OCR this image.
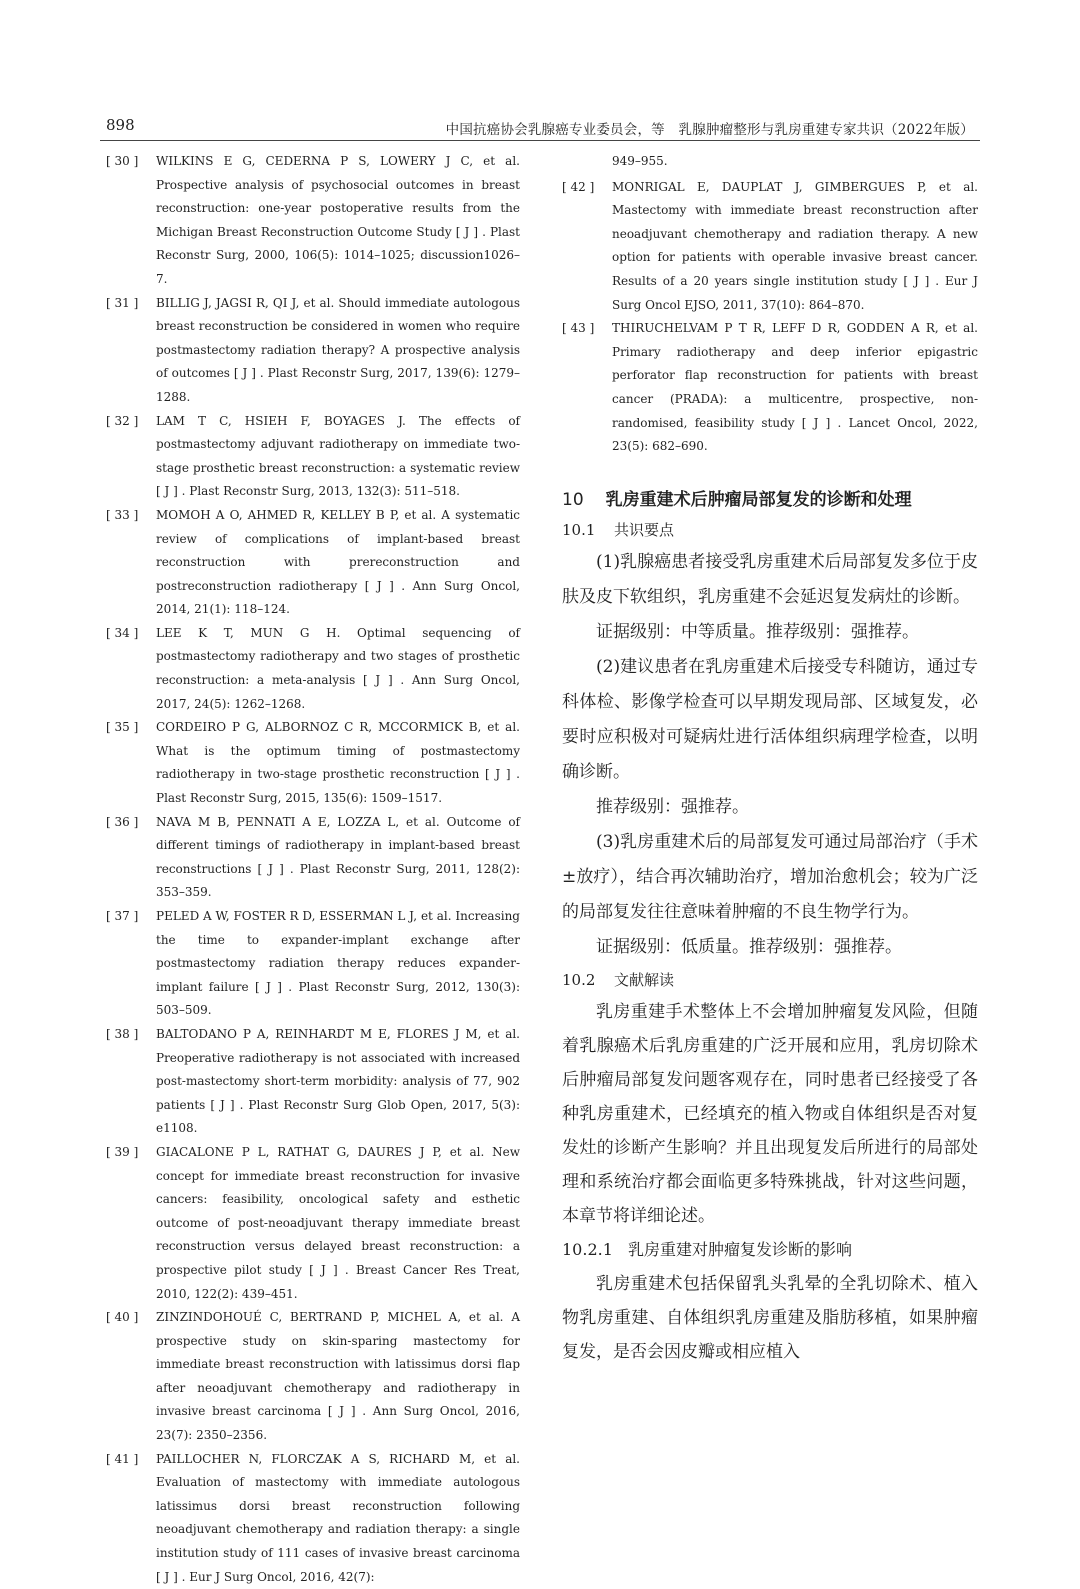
898	中国抗癌协会乳腺癌专业委员会，等　乳腺肿瘤整形与乳房重建专家共识（2022年版）
[ 30 ] WILKINS E G, CEDERNA P S, LOWERY J C, et al. Prospective analysis of psychosocial outcomes in breast reconstruction: one-year postoperative results from the Michigan Breast Reconstruction Outcome Study [ J ] . Plast Reconstr Surg, 2000, 106(5): 1014–1025; discussion1026–7.
[ 31 ] BILLIG J, JAGSI R, QI J, et al. Should immediate autologous breast reconstruction be considered in women who require postmastectomy radiation therapy? A prospective analysis of outcomes [ J ] . Plast Reconstr Surg, 2017, 139(6): 1279–1288.
[ 32 ] LAM T C, HSIEH F, BOYAGES J. The effects of postmastectomy adjuvant radiotherapy on immediate two-stage prosthetic breast reconstruction: a systematic review [ J ] . Plast Reconstr Surg, 2013, 132(3): 511–518.
[ 33 ] MOMOH A O, AHMED R, KELLEY B P, et al. A systematic review of complications of implant-based breast reconstruction with prereconstruction and postreconstruction radiotherapy [ J ] . Ann Surg Oncol, 2014, 21(1): 118–124.
[ 34 ] LEE K T, MUN G H. Optimal sequencing of postmastectomy radiotherapy and two stages of prosthetic reconstruction: a meta-analysis [ J ] . Ann Surg Oncol, 2017, 24(5): 1262–1268.
[ 35 ] CORDEIRO P G, ALBORNOZ C R, MCCORMICK B, et al. What is the optimum timing of postmastectomy radiotherapy in two-stage prosthetic reconstruction [ J ] . Plast Reconstr Surg, 2015, 135(6): 1509–1517.
[ 36 ] NAVA M B, PENNATI A E, LOZZA L, et al. Outcome of different timings of radiotherapy in implant-based breast reconstructions [ J ] . Plast Reconstr Surg, 2011, 128(2): 353–359.
[ 37 ] PELED A W, FOSTER R D, ESSERMAN L J, et al. Increasing the time to expander-implant exchange after postmastectomy radiation therapy reduces expander-implant failure [ J ] . Plast Reconstr Surg, 2012, 130(3): 503–509.
[ 38 ] BALTODANO P A, REINHARDT M E, FLORES J M, et al. Preoperative radiotherapy is not associated with increased post-mastectomy short-term morbidity: analysis of 77, 902 patients [ J ] . Plast Reconstr Surg Glob Open, 2017, 5(3): e1108.
[ 39 ] GIACALONE P L, RATHAT G, DAURES J P, et al. New concept for immediate breast reconstruction for invasive cancers: feasibility, oncological safety and esthetic outcome of post-neoadjuvant therapy immediate breast reconstruction versus delayed breast reconstruction: a prospective pilot study [ J ] . Breast Cancer Res Treat, 2010, 122(2): 439–451.
[ 40 ] ZINZINDOHOUÉ C, BERTRAND P, MICHEL A, et al. A prospective study on skin-sparing mastectomy for immediate breast reconstruction with latissimus dorsi flap after neoadjuvant chemotherapy and radiotherapy in invasive breast carcinoma [ J ] . Ann Surg Oncol, 2016, 23(7): 2350–2356.
[ 41 ] PAILLOCHER N, FLORCZAK A S, RICHARD M, et al. Evaluation of mastectomy with immediate autologous latissimus dorsi breast reconstruction following neoadjuvant chemotherapy and radiation therapy: a single institution study of 111 cases of invasive breast carcinoma [ J ] . Eur J Surg Oncol, 2016, 42(7):
949–955.
[ 42 ] MONRIGAL E, DAUPLAT J, GIMBERGUES P, et al. Mastectomy with immediate breast reconstruction after neoadjuvant chemotherapy and radiation therapy. A new option for patients with operable invasive breast cancer. Results of a 20 years single institution study [ J ] . Eur J Surg Oncol EJSO, 2011, 37(10): 864–870.
[ 43 ] THIRUCHELVAM P T R, LEFF D R, GODDEN A R, et al. Primary radiotherapy and deep inferior epigastric perforator flap reconstruction for patients with breast cancer (PRADA): a multicentre, prospective, non-randomised, feasibility study [ J ] . Lancet Oncol, 2022, 23(5): 682–690.
10 乳房重建术后肿瘤局部复发的诊断和处理
10.1 共识要点

(1)乳腺癌患者接受乳房重建术后局部复发多位于皮肤及皮下软组织，乳房重建不会延迟复发病灶的诊断。

证据级别：中等质量。推荐级别：强推荐。

(2)建议患者在乳房重建术后接受专科随访，通过专科体检、影像学检查可以早期发现局部、区域复发，必要时应积极对可疑病灶进行活体组织病理学检查，以明确诊断。

推荐级别：强推荐。

(3)乳房重建术后的局部复发可通过局部治疗（手术±放疗），结合再次辅助治疗，增加治愈机会；较为广泛的局部复发往往意味着肿瘤的不良生物学行为。

证据级别：低质量。推荐级别：强推荐。

10.2 文献解读

乳房重建手术整体上不会增加肿瘤复发风险，但随着乳腺癌术后乳房重建的广泛开展和应用，乳房切除术后肿瘤局部复发问题客观存在，同时患者已经接受了各种乳房重建术，已经填充的植入物或自体组织是否对复发灶的诊断产生影响？并且出现复发后所进行的局部处理和系统治疗都会面临更多特殊挑战，针对这些问题，本章节将详细论述。

10.2.1 乳房重建对肿瘤复发诊断的影响

乳房重建术包括保留乳头乳晕的全乳切除术、植入物乳房重建、自体组织乳房重建及脂肪移植，如果肿瘤复发，是否会因皮瓣或相应植入
